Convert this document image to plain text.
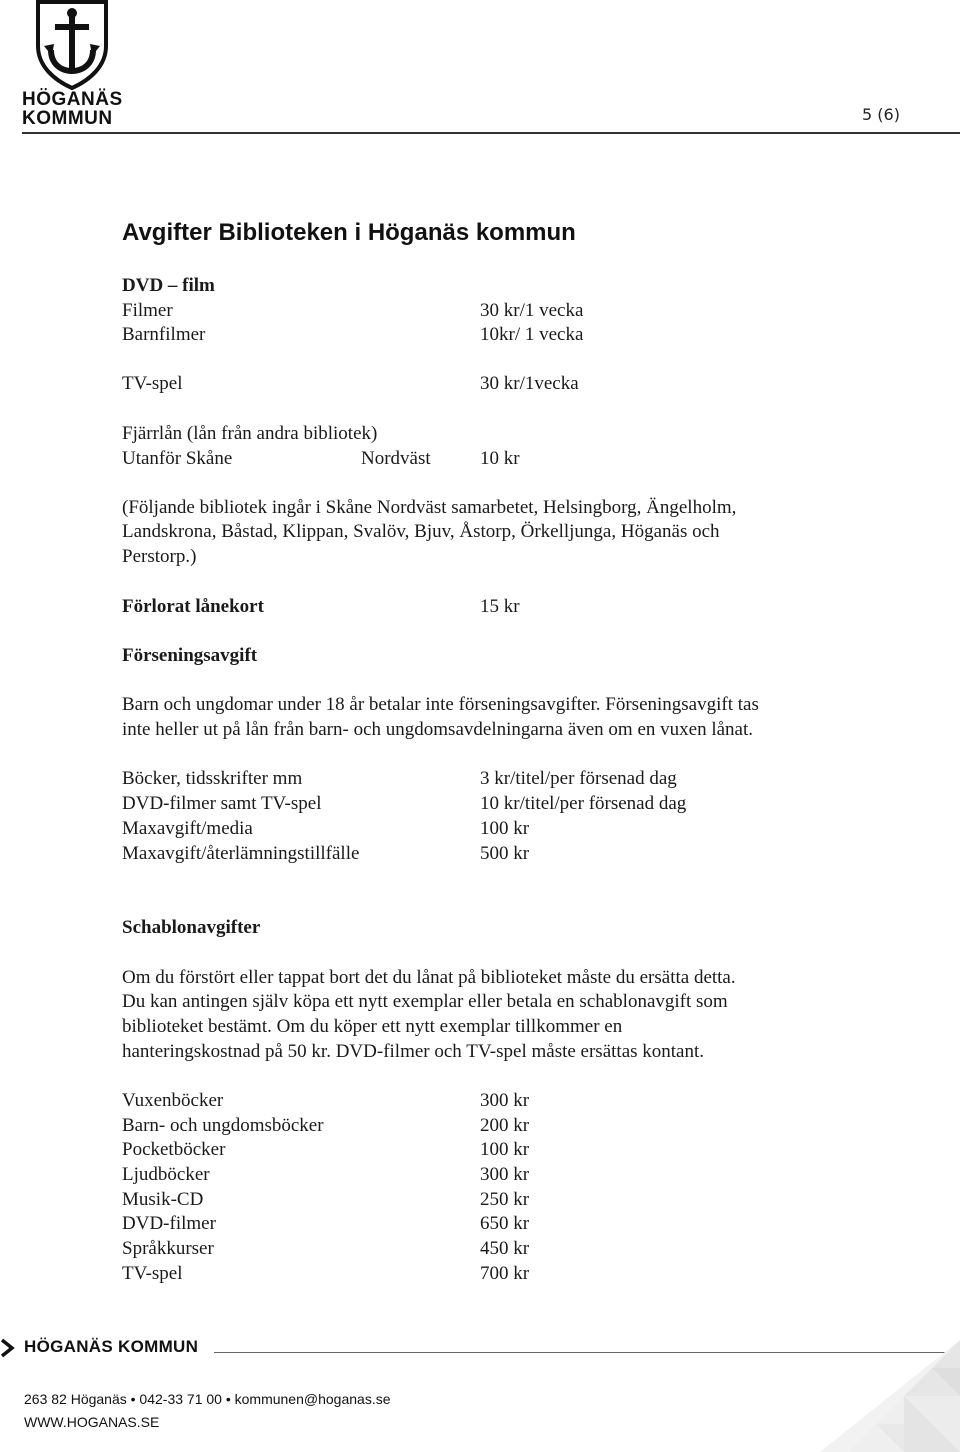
HÖGANÄS
KOMMUN	5 (6)
Avgifter Biblioteken i Höganäs kommun
DVD – film
Filmer	30 kr/1 vecka
Barnfilmer	10kr/ 1 vecka
TV-spel	30 kr/1vecka
Fjärrlån (lån från andra bibliotek)
Utanför Skåne	Nordväst	10 kr
(Följande bibliotek ingår i Skåne Nordväst samarbetet, Helsingborg, Ängelholm,
Landskrona, Båstad, Klippan, Svalöv, Bjuv, Åstorp, Örkelljunga, Höganäs och
Perstorp.)
Förlorat lånekort	15 kr
Förseningsavgift
Barn och ungdomar under 18 år betalar inte förseningsavgifter. Förseningsavgift tas
inte heller ut på lån från barn- och ungdomsavdelningarna även om en vuxen lånat.
Böcker, tidsskrifter mm	3 kr/titel/per försenad dag
DVD-filmer samt TV-spel	10 kr/titel/per försenad dag
Maxavgift/media	100 kr
Maxavgift/återlämningstillfälle	500 kr
Schablonavgifter
Om du förstört eller tappat bort det du lånat på biblioteket måste du ersätta detta.
Du kan antingen själv köpa ett nytt exemplar eller betala en schablonavgift som
biblioteket bestämt. Om du köper ett nytt exemplar tillkommer en
hanteringskostnad på 50 kr. DVD-filmer och TV-spel måste ersättas kontant.
Vuxenböcker	300 kr
Barn- och ungdomsböcker	200 kr
Pocketböcker	100 kr
Ljudböcker	300 kr
Musik-CD	250 kr
DVD-filmer	650 kr
Språkkurser	450 kr
TV-spel	700 kr
HÖGANÄS KOMMUN
263 82 Höganäs • 042-33 71 00 • kommunen@hoganas.se
WWW.HOGANAS.SE
